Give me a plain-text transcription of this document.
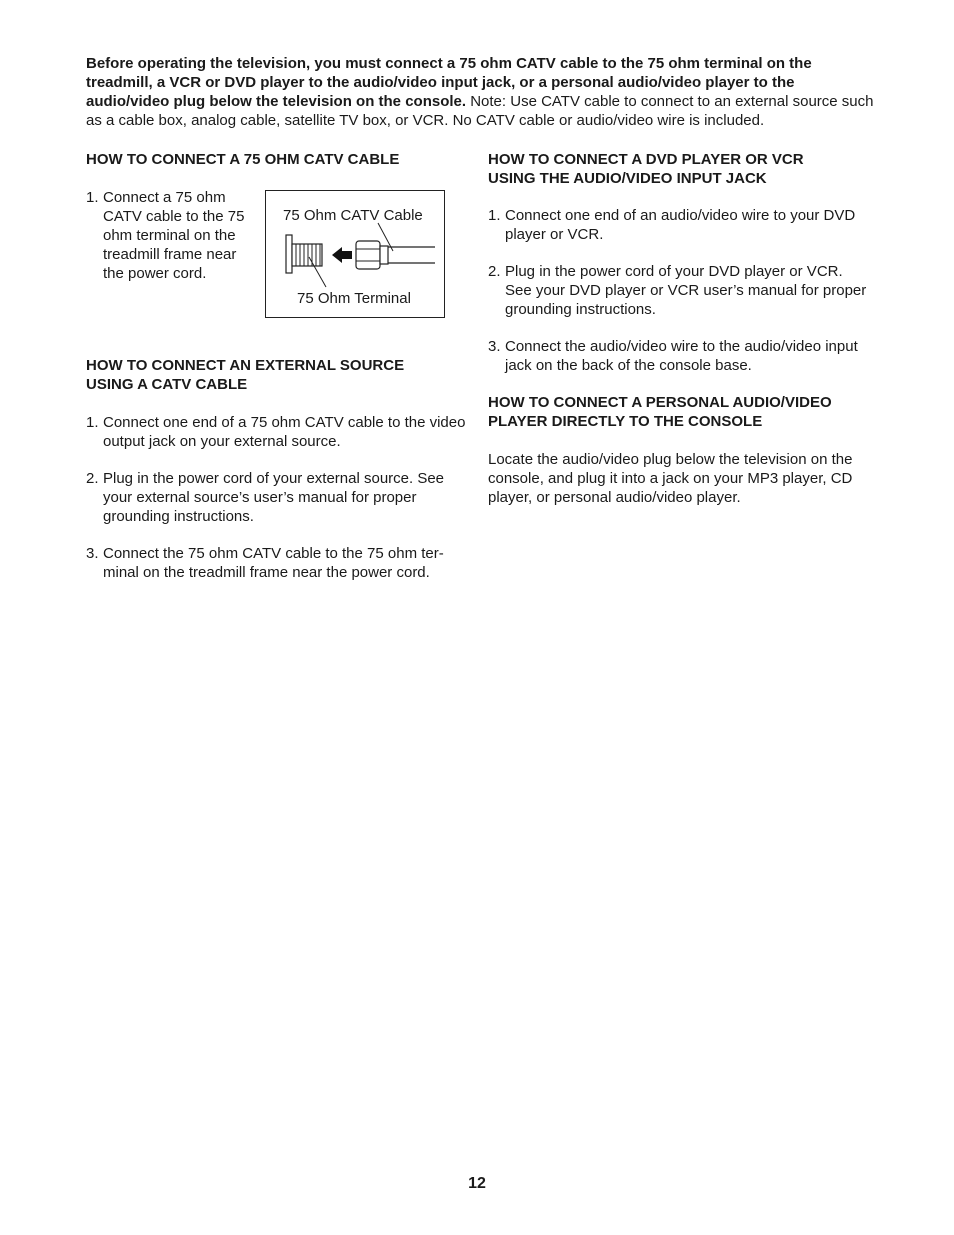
Before operating the television, you must connect a 75 ohm CATV cable to the 75 ohm terminal on the treadmill, a VCR or DVD player to the audio/video input jack, or a personal audio/video player to the audio/video plug below the television on the console. Note: Use CATV cable to connect to an external source such as a cable box, analog cable, satellite TV box, or VCR. No CATV cable or audio/video wire is included.

HOW TO CONNECT A 75 OHM CATV CABLE

1. Connect a 75 ohm CATV cable to the 75 ohm terminal on the treadmill frame near the power cord.
75 Ohm CATV Cable
75 Ohm Terminal

HOW TO CONNECT AN EXTERNAL SOURCE USING A CATV CABLE

1. Connect one end of a 75 ohm CATV cable to the video output jack on your external source.
2. Plug in the power cord of your external source. See your external source’s user’s manual for proper grounding instructions.
3. Connect the 75 ohm CATV cable to the 75 ohm ter- minal on the treadmill frame near the power cord.

HOW TO CONNECT A DVD PLAYER OR VCR USING THE AUDIO/VIDEO INPUT JACK

1. Connect one end of an audio/video wire to your DVD player or VCR.
2. Plug in the power cord of your DVD player or VCR. See your DVD player or VCR user’s manual for proper grounding instructions.
3. Connect the audio/video wire to the audio/video input jack on the back of the console base.

HOW TO CONNECT A PERSONAL AUDIO/VIDEO PLAYER DIRECTLY TO THE CONSOLE

Locate the audio/video plug below the television on the console, and plug it into a jack on your MP3 player, CD player, or personal audio/video player.

12
